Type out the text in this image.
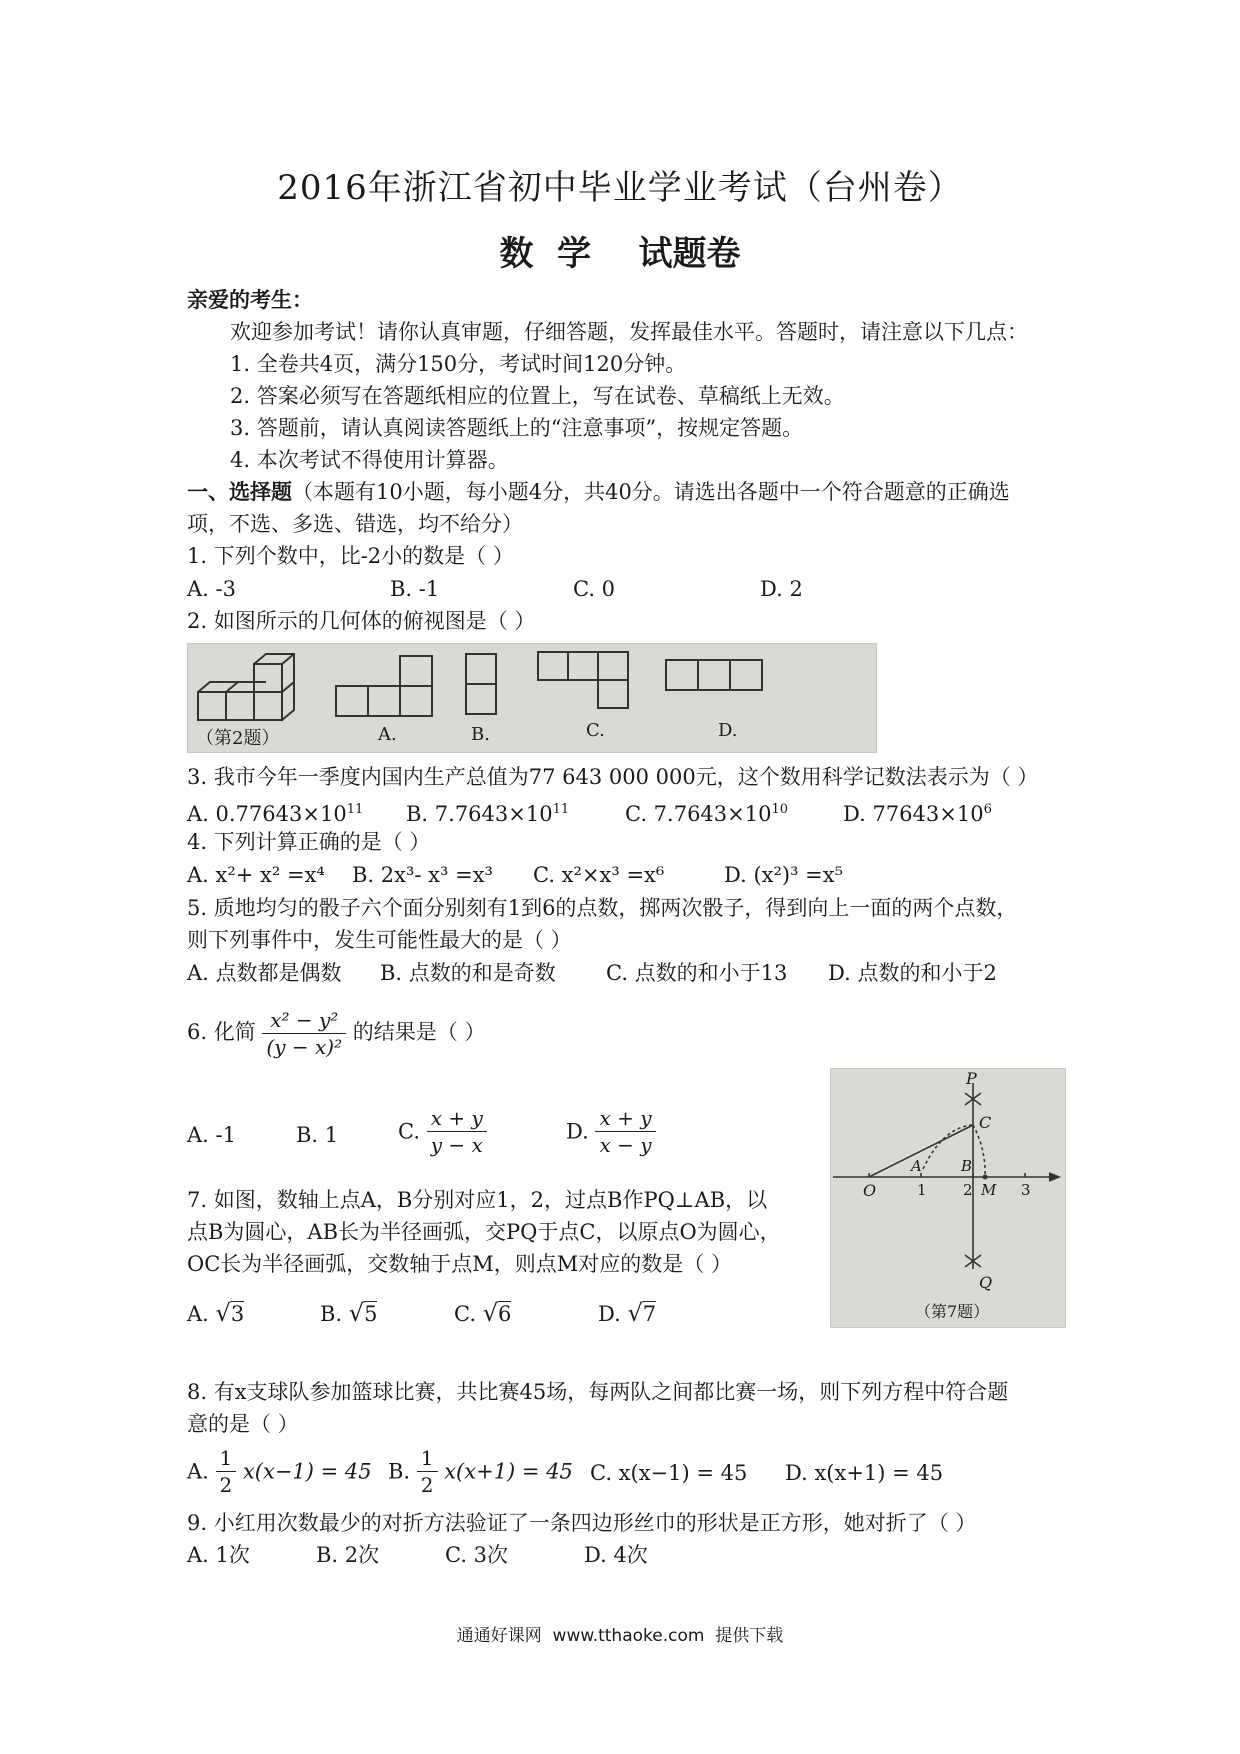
2016年浙江省初中毕业学业考试（台州卷）
数  学    试题卷
亲爱的考生：
欢迎参加考试！请你认真审题，仔细答题，发挥最佳水平。答题时，请注意以下几点：
1. 全卷共4页，满分150分，考试时间120分钟。
2. 答案必须写在答题纸相应的位置上，写在试卷、草稿纸上无效。
3. 答题前，请认真阅读答题纸上的“注意事项”，按规定答题。
4. 本次考试不得使用计算器。
一、选择题（本题有10小题，每小题4分，共40分。请选出各题中一个符合题意的正确选
项，不选、多选、错选，均不给分）
1. 下列个数中，比-2小的数是（ ）
A. -3	B. -1	C. 0	D. 2
2. 如图所示的几何体的俯视图是（ ）
（第2题）	A.	B.	C.	D.
3. 我市今年一季度内国内生产总值为77 643 000 000元，这个数用科学记数法表示为（ ）
A. $0.77643\times 10^{11}$ B. $7.7643\times 10^{11}$	C. $7.7643\times 10^{10}$	D. $77643\times 10^6$
4. 下列计算正确的是（ ）
A. x²+ x² =x⁴ B. 2x³- x³ =x³ C. x²×x³ =x⁶	D. (x²)³ =x⁵
5. 质地均匀的骰子六个面分别刻有1到6的点数，掷两次骰子，得到向上一面的两个点数，
则下列事件中，发生可能性最大的是（ ）
A. 点数都是偶数 B. 点数的和是奇数 C. 点数的和小于13 D. 点数的和小于2
6. 化简 $\frac{\text{x² − y²}}{\text{(y − x)²}}$ 的结果是（ ）
A. -1	B. 1	C. $\frac{x + y}{y - x}$	D. $\frac{x + y}{x - y}$
P
C
A	B
O	1 2 M 3
Q
（第7题）
7. 如图，数轴上点A，B分别对应1，2，过点B作PQ⊥AB，以
点B为圆心，AB长为半径画弧，交PQ于点C，以原点O为圆心，
OC长为半径画弧，交数轴于点M，则点M对应的数是（ ）
A. √3	B. √5	C. √6	D. √7
8. 有x支球队参加篮球比赛，共比赛45场，每两队之间都比赛一场，则下列方程中符合题
意的是（ ）
A. $\frac{1}{2} x(x-1) = 45$ B. $\frac{1}{2} x(x+1) = 45$ C. x(x−1) = 45 D. x(x+1) = 45
9. 小红用次数最少的对折方法验证了一条四边形丝巾的形状是正方形，她对折了（ ）
A. 1次	B. 2次	C. 3次	D. 4次
通通好课网  www.tthaoke.com  提供下载
